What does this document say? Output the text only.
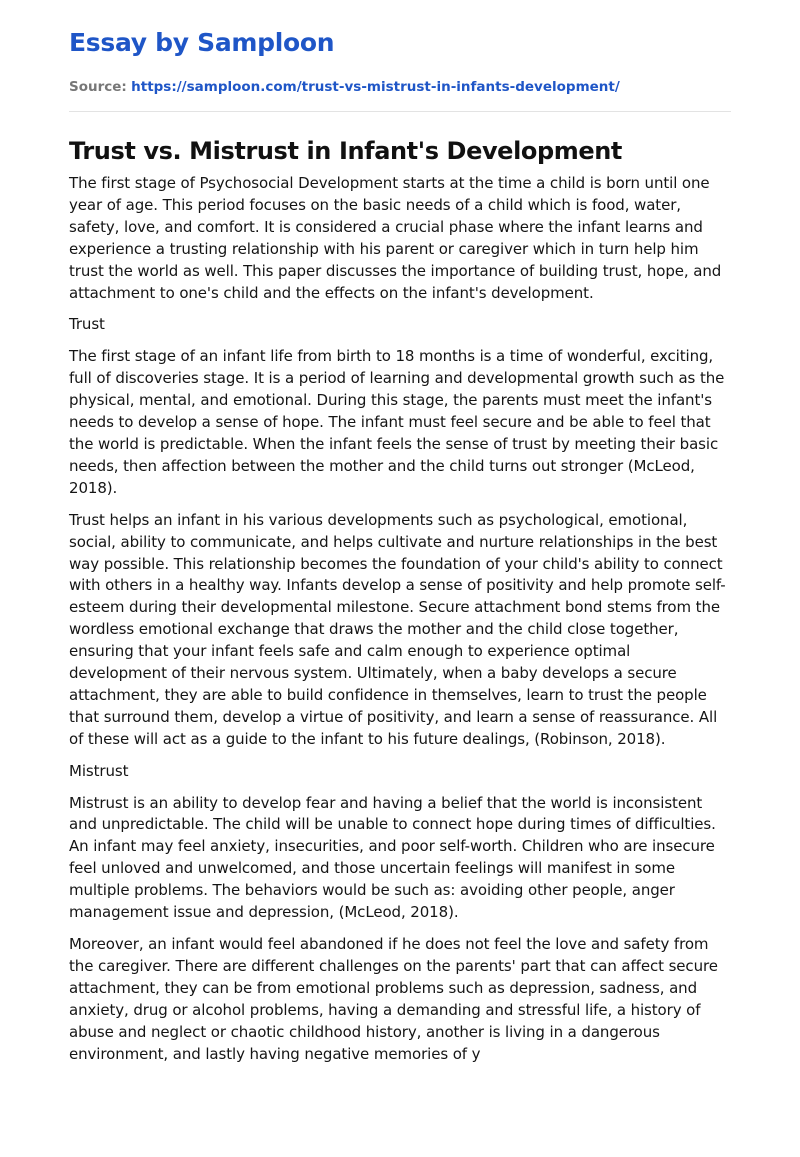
Essay by Samploon
Source: https://samploon.com/trust-vs-mistrust-in-infants-development/
Trust vs. Mistrust in Infant's Development

The first stage of Psychosocial Development starts at the time a child is born until one year of age. This period focuses on the basic needs of a child which is food, water, safety, love, and comfort. It is considered a crucial phase where the infant learns and experience a trusting relationship with his parent or caregiver which in turn help him trust the world as well. This paper discusses the importance of building trust, hope, and attachment to one's child and the effects on the infant's development.

Trust

The first stage of an infant life from birth to 18 months is a time of wonderful, exciting, full of discoveries stage. It is a period of learning and developmental growth such as the physical, mental, and emotional. During this stage, the parents must meet the infant's needs to develop a sense of hope. The infant must feel secure and be able to feel that the world is predictable. When the infant feels the sense of trust by meeting their basic needs, then affection between the mother and the child turns out stronger (McLeod, 2018).

Trust helps an infant in his various developments such as psychological, emotional, social, ability to communicate, and helps cultivate and nurture relationships in the best way possible. This relationship becomes the foundation of your child's ability to connect with others in a healthy way. Infants develop a sense of positivity and help promote self-esteem during their developmental milestone. Secure attachment bond stems from the wordless emotional exchange that draws the mother and the child close together, ensuring that your infant feels safe and calm enough to experience optimal development of their nervous system. Ultimately, when a baby develops a secure attachment, they are able to build confidence in themselves, learn to trust the people that surround them, develop a virtue of positivity, and learn a sense of reassurance. All of these will act as a guide to the infant to his future dealings, (Robinson, 2018).

Mistrust

Mistrust is an ability to develop fear and having a belief that the world is inconsistent and unpredictable. The child will be unable to connect hope during times of difficulties. An infant may feel anxiety, insecurities, and poor self-worth. Children who are insecure feel unloved and unwelcomed, and those uncertain feelings will manifest in some multiple problems. The behaviors would be such as: avoiding other people, anger management issue and depression, (McLeod, 2018).

Moreover, an infant would feel abandoned if he does not feel the love and safety from the caregiver. There are different challenges on the parents' part that can affect secure attachment, they can be from emotional problems such as depression, sadness, and anxiety, drug or alcohol problems, having a demanding and stressful life, a history of abuse and neglect or chaotic childhood history, another is living in a dangerous environment, and lastly having negative memories of y
